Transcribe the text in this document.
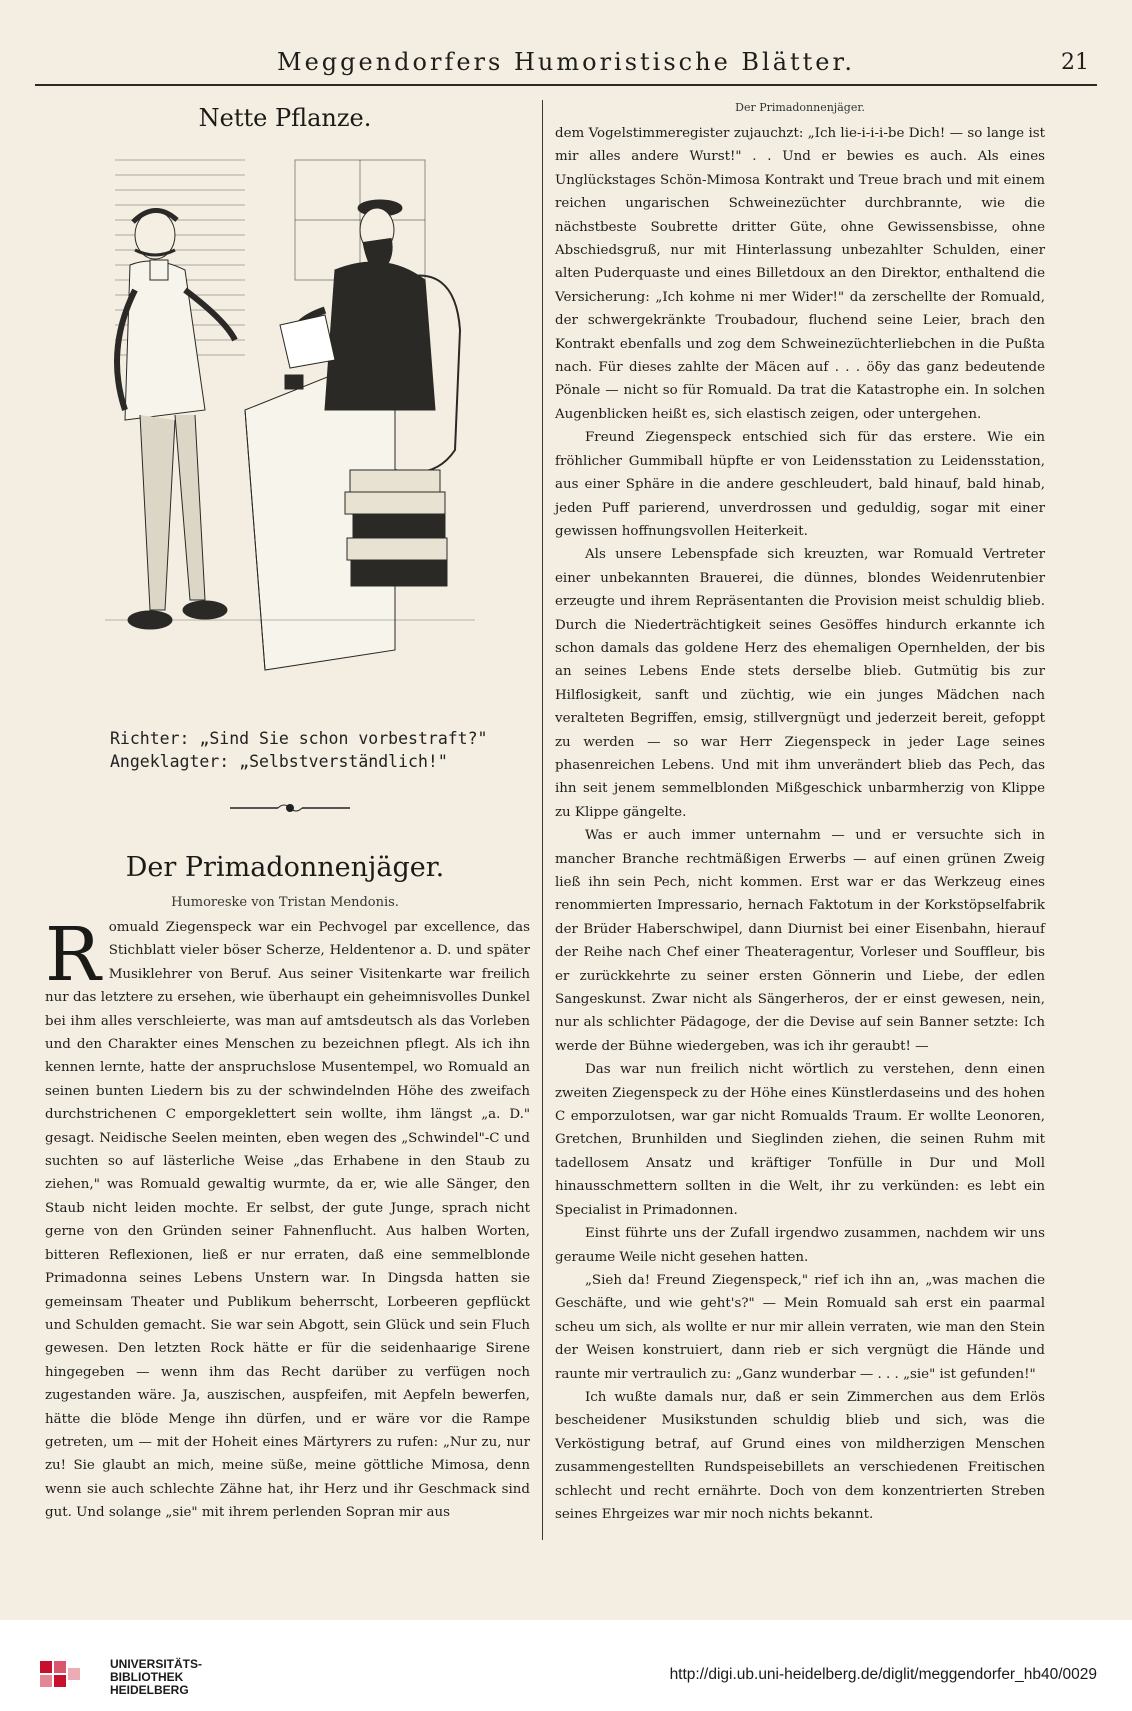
Meggendorfers Humoristische Blätter.	21
Nette Pflanze.
Richter: „Sind Sie schon vorbestraft?"
Angeklagter: „Selbstverständlich!"
Der Primadonnenjäger.
Humoreske von Tristan Mendonis.
R omuald Ziegenspeck war ein Pechvogel par excellence, das Stichblatt vieler böser Scherze, Heldentenor a. D. und später Musiklehrer von Beruf. Aus seiner Visitenkarte war freilich nur das letztere zu ersehen, wie überhaupt ein geheimnisvolles Dunkel bei ihm alles verschleierte, was man auf amtsdeutsch als das Vorleben und den Charakter eines Menschen zu bezeichnen pflegt. Als ich ihn kennen lernte, hatte der anspruchslose Musentempel, wo Romuald an seinen bunten Liedern bis zu der schwindelnden Höhe des zweifach durchstrichenen C emporgeklettert sein wollte, ihm längst „a. D." gesagt. Neidische Seelen meinten, eben wegen des „Schwindel"-C und suchten so auf lästerliche Weise „das Erhabene in den Staub zu ziehen," was Romuald gewaltig wurmte, da er, wie alle Sänger, den Staub nicht leiden mochte. Er selbst, der gute Junge, sprach nicht gerne von den Gründen seiner Fahnenflucht. Aus halben Worten, bitteren Reflexionen, ließ er nur erraten, daß eine semmelblonde Primadonna seines Lebens Unstern war. In Dingsda hatten sie gemeinsam Theater und Publikum beherrscht, Lorbeeren gepflückt und Schulden gemacht. Sie war sein Abgott, sein Glück und sein Fluch gewesen. Den letzten Rock hätte er für die seidenhaarige Sirene hingegeben — wenn ihm das Recht darüber zu verfügen noch zugestanden wäre. Ja, auszischen, auspfeifen, mit Aepfeln bewerfen, hätte die blöde Menge ihn dürfen, und er wäre vor die Rampe getreten, um — mit der Hoheit eines Märtyrers zu rufen: „Nur zu, nur zu! Sie glaubt an mich, meine süße, meine göttliche Mimosa, denn wenn sie auch schlechte Zähne hat, ihr Herz und ihr Geschmack sind gut. Und solange „sie" mit ihrem perlenden Sopran mir aus

Der Primadonnenjäger.

dem Vogelstimmeregister zujauchzt: „Ich lie-i-i-i-be Dich! — so lange ist mir alles andere Wurst!" . . Und er bewies es auch. Als eines Unglückstages Schön-Mimosa Kontrakt und Treue brach und mit einem reichen ungarischen Schweinezüchter durchbrannte, wie die nächstbeste Soubrette dritter Güte, ohne Gewissensbisse, ohne Abschiedsgruß, nur mit Hinterlassung unbezahlter Schulden, einer alten Puderquaste und eines Billetdoux an den Direktor, enthaltend die Versicherung: „Ich kohme ni mer Wider!" da zerschellte der Romuald, der schwergekränkte Troubadour, fluchend seine Leier, brach den Kontrakt ebenfalls und zog dem Schweinezüchterliebchen in die Pußta nach. Für dieses zahlte der Mäcen auf . . . öδy das ganz bedeutende Pönale — nicht so für Romuald. Da trat die Katastrophe ein. In solchen Augenblicken heißt es, sich elastisch zeigen, oder untergehen.

Freund Ziegenspeck entschied sich für das erstere. Wie ein fröhlicher Gummiball hüpfte er von Leidensstation zu Leidensstation, aus einer Sphäre in die andere geschleudert, bald hinauf, bald hinab, jeden Puff parierend, unverdrossen und geduldig, sogar mit einer gewissen hoffnungsvollen Heiterkeit.

Als unsere Lebenspfade sich kreuzten, war Romuald Vertreter einer unbekannten Brauerei, die dünnes, blondes Weidenrutenbier erzeugte und ihrem Repräsentanten die Provision meist schuldig blieb. Durch die Niederträchtigkeit seines Gesöffes hindurch erkannte ich schon damals das goldene Herz des ehemaligen Opernhelden, der bis an seines Lebens Ende stets derselbe blieb. Gutmütig bis zur Hilflosigkeit, sanft und züchtig, wie ein junges Mädchen nach veralteten Begriffen, emsig, stillvergnügt und jederzeit bereit, gefoppt zu werden — so war Herr Ziegenspeck in jeder Lage seines phasenreichen Lebens. Und mit ihm unverändert blieb das Pech, das ihn seit jenem semmelblonden Mißgeschick unbarmherzig von Klippe zu Klippe gängelte.

Was er auch immer unternahm — und er versuchte sich in mancher Branche rechtmäßigen Erwerbs — auf einen grünen Zweig ließ ihn sein Pech, nicht kommen. Erst war er das Werkzeug eines renommierten Impressario, hernach Faktotum in der Korkstöpselfabrik der Brüder Haberschwipel, dann Diurnist bei einer Eisenbahn, hierauf der Reihe nach Chef einer Theateragentur, Vorleser und Souffleur, bis er zurückkehrte zu seiner ersten Gönnerin und Liebe, der edlen Sangeskunst. Zwar nicht als Sängerheros, der er einst gewesen, nein, nur als schlichter Pädagoge, der die Devise auf sein Banner setzte: Ich werde der Bühne wiedergeben, was ich ihr geraubt! —

Das war nun freilich nicht wörtlich zu verstehen, denn einen zweiten Ziegenspeck zu der Höhe eines Künstlerdaseins und des hohen C emporzulotsen, war gar nicht Romualds Traum. Er wollte Leonoren, Gretchen, Brunhilden und Sieglinden ziehen, die seinen Ruhm mit tadellosem Ansatz und kräftiger Tonfülle in Dur und Moll hinausschmettern sollten in die Welt, ihr zu verkünden: es lebt ein Specialist in Primadonnen.

Einst führte uns der Zufall irgendwo zusammen, nachdem wir uns geraume Weile nicht gesehen hatten.

„Sieh da! Freund Ziegenspeck," rief ich ihn an, „was machen die Geschäfte, und wie geht's?" — Mein Romuald sah erst ein paarmal scheu um sich, als wollte er nur mir allein verraten, wie man den Stein der Weisen konstruiert, dann rieb er sich vergnügt die Hände und raunte mir vertraulich zu: „Ganz wunderbar — . . . „sie" ist gefunden!"

Ich wußte damals nur, daß er sein Zimmerchen aus dem Erlös bescheidener Musikstunden schuldig blieb und sich, was die Verköstigung betraf, auf Grund eines von mildherzigen Menschen zusammengestellten Rundspeisebillets an verschiedenen Freitischen schlecht und recht ernährte. Doch von dem konzentrierten Streben seines Ehrgeizes war mir noch nichts bekannt.

UNIVERSITÄTS-
BIBLIOTHEK
HEIDELBERG
http://digi.ub.uni-heidelberg.de/diglit/meggendorfer_hb40/0029
